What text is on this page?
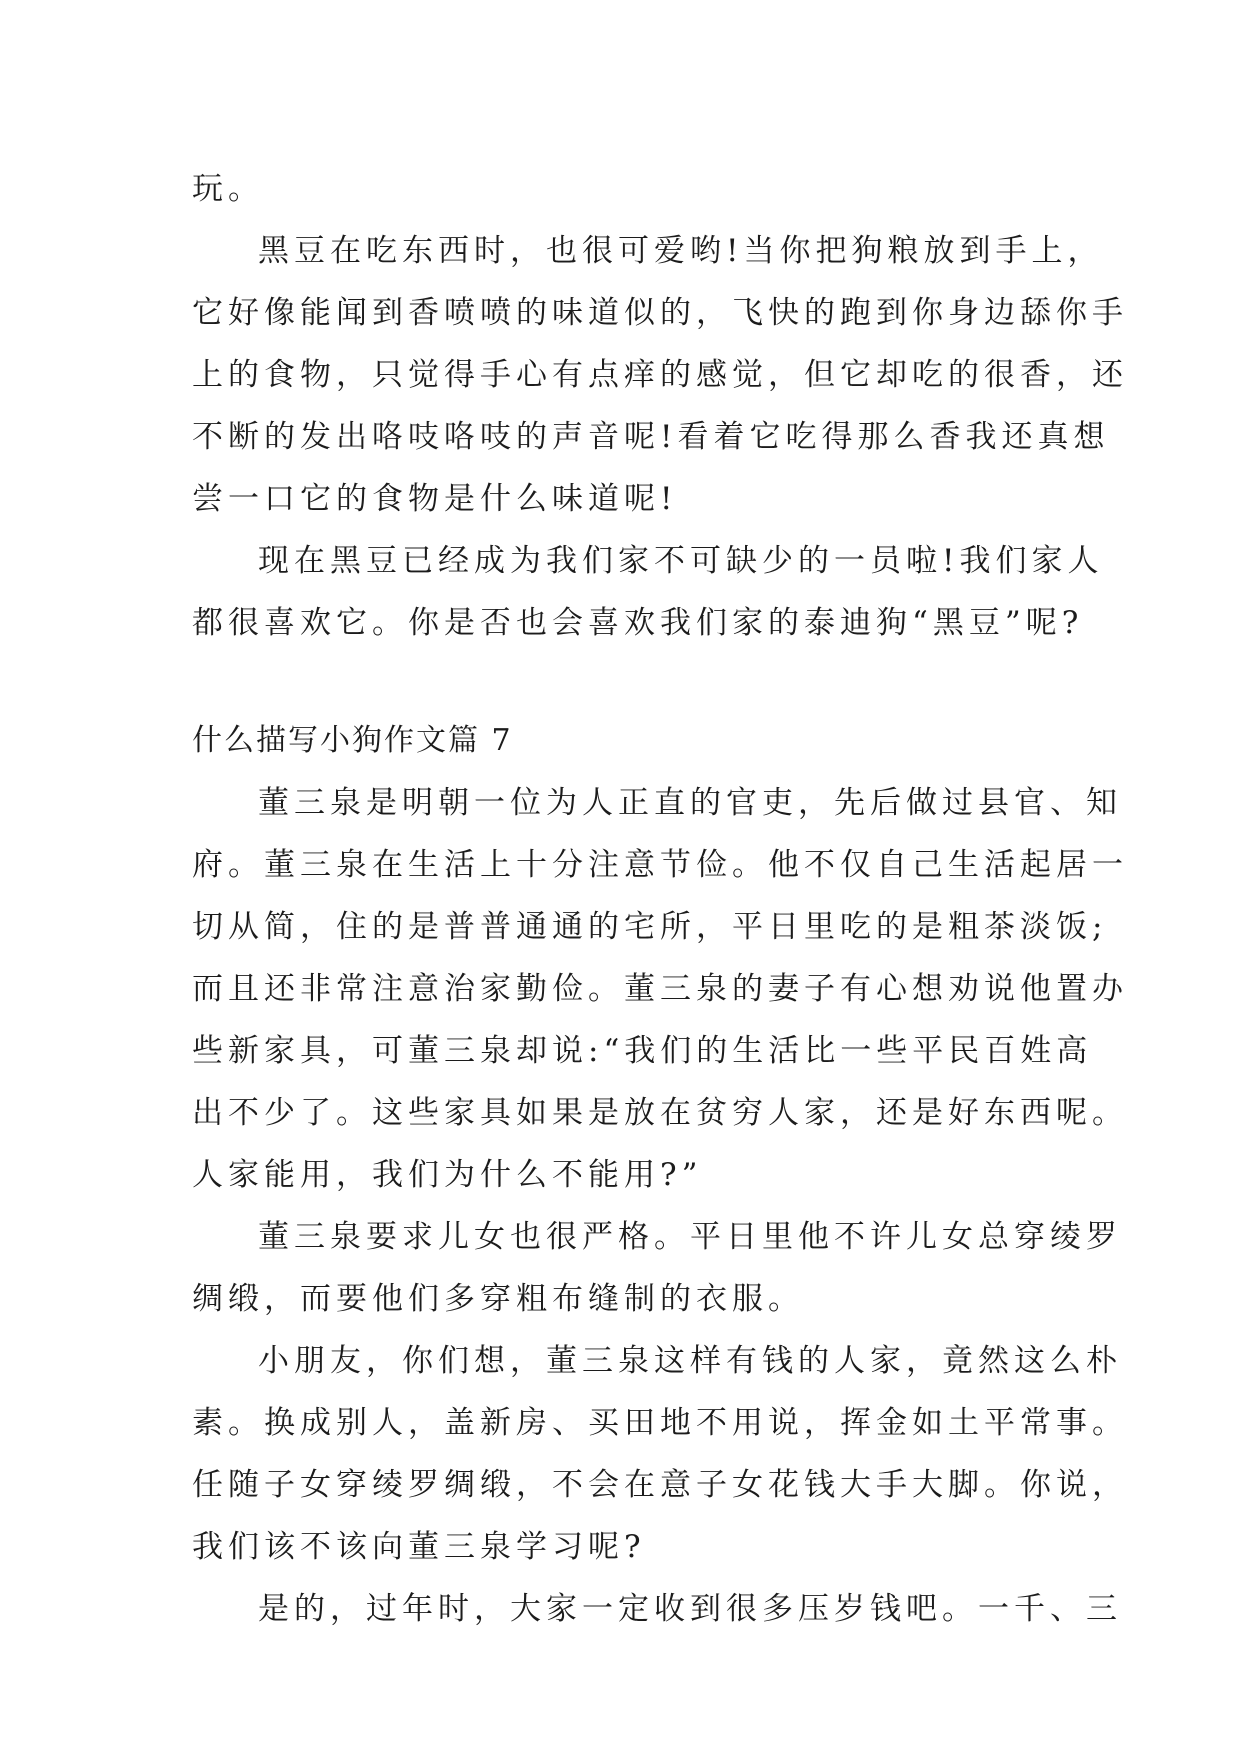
玩。
黑豆在吃东西时，也很可爱哟!当你把狗粮放到手上，
它好像能闻到香喷喷的味道似的，飞快的跑到你身边舔你手
上的食物，只觉得手心有点痒的感觉，但它却吃的很香，还
不断的发出咯吱咯吱的声音呢!看着它吃得那么香我还真想
尝一口它的食物是什么味道呢!
现在黑豆已经成为我们家不可缺少的一员啦!我们家人
都很喜欢它。你是否也会喜欢我们家的泰迪狗“黑豆”呢?
什么描写小狗作文篇 7
董三泉是明朝一位为人正直的官吏，先后做过县官、知
府。董三泉在生活上十分注意节俭。他不仅自己生活起居一
切从简，住的是普普通通的宅所，平日里吃的是粗茶淡饭;
而且还非常注意治家勤俭。董三泉的妻子有心想劝说他置办
些新家具，可董三泉却说:“我们的生活比一些平民百姓高
出不少了。这些家具如果是放在贫穷人家，还是好东西呢。
人家能用，我们为什么不能用?”
董三泉要求儿女也很严格。平日里他不许儿女总穿绫罗
绸缎，而要他们多穿粗布缝制的衣服。
小朋友，你们想，董三泉这样有钱的人家，竟然这么朴
素。换成别人，盖新房、买田地不用说，挥金如土平常事。
任随子女穿绫罗绸缎，不会在意子女花钱大手大脚。你说，
我们该不该向董三泉学习呢?
是的，过年时，大家一定收到很多压岁钱吧。一千、三
